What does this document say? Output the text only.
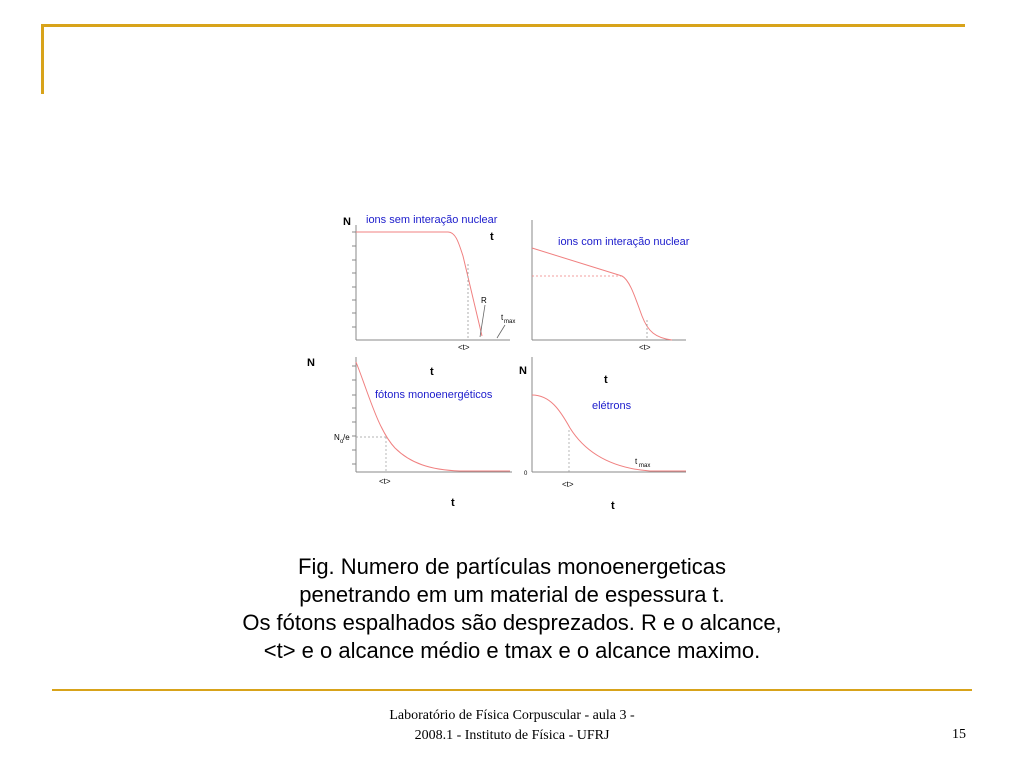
N
t
ions sem interação nuclear
R
t max
<t>
ions com interação nuclear
<t>
N
t
t
fótons monoenergéticos
N o /e
<t>
N
t
t
elétrons
t max
0
<t>
Fig. Numero de partículas monoenergeticas
penetrando em um material de espessura t.
Os fótons espalhados são desprezados. R e o alcance,
<t> e o alcance médio e tmax e o alcance maximo.
Laboratório de Física Corpuscular - aula 3 -
2008.1 - Instituto de Física - UFRJ	15
